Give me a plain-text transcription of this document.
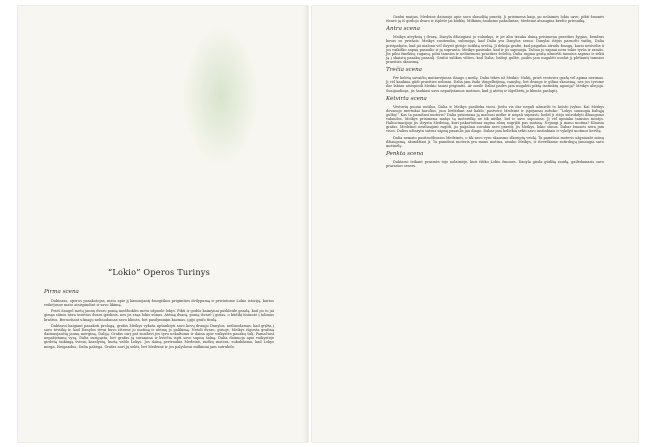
“Lokio” Operos Turinys
Pirma scena

Daktaras, operos pasakotojas, mato apie jį kamuojantį žmogiškos prigimties dvilypumą ir pristatome Lokio istoriją, kurios veikėjusoe mato atsispindint ir savo likimą.

Prieš daugel metų jaunų dvaro ponią medžioklės metu užpuolė lokys. Pikti ir godūs kaimynai paskleidė gandą, kad po to jai gimęs sūnus nėra teisėtas dvaro įpėdinis, nes jis esąs lokio sūnus. Atėmę dvarą, ponią išvarė į girias, o kūdikį išsiuntė į tolimus kraštus. Beruošiant ulinago nelinodamas savo klimės, bet pasilyminįm kazmas, įgijo grafo titulą.

Daktarui baigiant pasakoti prologą, grafas Meikys vykata apšanktyti savo kovų draugo Danylos, neilinodamas, kad grįžta į savo tėviškę ir, kad Danylos tėvai buvo išterne jo motiną ir atėmę jo palikimą. Netoli dvaro, girioje, Meikys išgirsta grafiną daimuojančią jaunų merginą, Daliją. Grafas turį pat susižavi jos tyru nekaltumu ir daina apie vaikystės pasakų šalį. Pamačiusi nepažįstamą vyrą, Dalia susigąsta, bet grafas ją suramina ir kviečia ispti savo sapnų šalną. Dalia dainuoja apie vaikystėje girdėtą taikingą šviesų karalystę, kurią valdo Lokys. Jos dainą pertraukia Medeinė, miškų motera, sukukdama, kad Lokys mirga. Išeigandus, Dalia pabėga. Grafas nori jų sekti, bet Medeinė ir jos palydovai milkiniai jam sutrukdo.

Grafui matjus, Medeinė dainuoja apie savo skaudžią praeitį. Ji pristmena kaip, po nelaimės lokio urve, pikti žmonės išvarė ją iš girdojo dvaro ir išplėšė jai kūdikį. Milkinių šauksmo pažadintas, Medeinė atsaugina keršto priesaiką.

Antra scena

Meikys atvykstą į dvarą. Danyla džiaugiasi jo sulaukęs, ir jie abu trauka dainą prisimena praeities žygius, bendras kovas su priešais. Meikys susitemba, sulimojęs, kad Dalia yra Danylos sesuo. Danylai išėjus paruošti vaišių, Dalia pristpažįsta, kad jai malonu vėl išvysti girioje sutiktą svečią. Ji dėkoja grafui, kad pagailau atradu žmogų, kurio nesivelia ii jos vaikiško sapnų pasaulio ir ją supranta. Meikys pasisako, kad ir jis sapnuoja. Tačiau jo sapnai nėra tokie tyrūs ir ramūs. Jie pilni žmėkiių, raganų, pilni tamsios ir nelinemoso praeities šešėlių. Dalia ragina grafą užmiršti tamsius sapnus ir sekti ją į skaistų pasakų pasaulį. Grafui sulikus vilties, kad Dalia, baltoji gulbė, padės jam nugalėti nuolat jį plėšiantį tamsios praeities skausmą.

Trečia scena

Per keletą savaičių mutiavėjimas išaugo į meilę. Dalia tėkės už Meikio. Naktį, prieš vestuves grafą vėl apima nerimas. Jį vėl kankina gūdi praeities nelimia. Dalia jam žada išsigelbėjimą, ramybę, bet drauge ir gilina skausmą, nes jos tyrume dar labiau atsispindi Meikio tamsi prigimtis. Ar meilė Daliai padės jam nugalėti piktą instinktų agoniją? Meikys abejoja. Susijaudinęs, jis šaukiasi savo nepažįstamos motinos, kad jį atėitų ir išgelbėtų jo klimės paslaptį.

Ketvirta scena

Vestuvių puotai nutilus, Dalia ir Meikys pasilieka vieni. Jiedu vis dar negali užmiršti to keisto įvykio. Kai Meikys dovanojo mertukai karolius, juos bedėdant ant kaklo, pastvėrė Medeinė ir įspėjamai sušuko: “Lokys sunaugia baltąją gulbę!” Kas ta pamišusi moteris? Dalia prisimena ją mačiusi miške ir negali suprasti, kodėl ji stėjo sutrukdyti džiaugsmo valandos. Meikys prisimena matęs tą moteriškę ne tik miške, bet ir savo sapnuose. Jį vėl apninka tamsios mintys. Haliucinacijoje jis išvysta Medeinę, kuri pakartotinai ragina sūnų sugrįžti pas motiną. Nejaugi ji mano motina? Klausia grafas. Medeinei nesiliaujant ragitti, jis pagaliau suvokia savo praeitį: jis Meikys, lokio sūnus. Dabar žmonės nėra jam visos. Dalios užtaryta sutruz sapnų pasaulis jau dingo. Dabar jam beliekia sekti savo instinktais ir vykdyti motinos kerštą.

Dalia nemato pasitrodžiusios Medeinės, o tik savo vyro skausmo iškreiptą veidą. Ta pamišusi moteris užgniaužė mūsų džiaugsmą, skundžiasi ji. Ta pamišusi moteris yra mano motina, atsako Meikys, ir išverškame sutirdiųjų įsmaugia savo motinėlę.

Penkta scena

Daktarui teikant prasmės toje nelaimėje, kuri ištiko Lokio žmones, Danyla gieda gūdžią raudą, gailėdamasis savo prarastos sesers.
